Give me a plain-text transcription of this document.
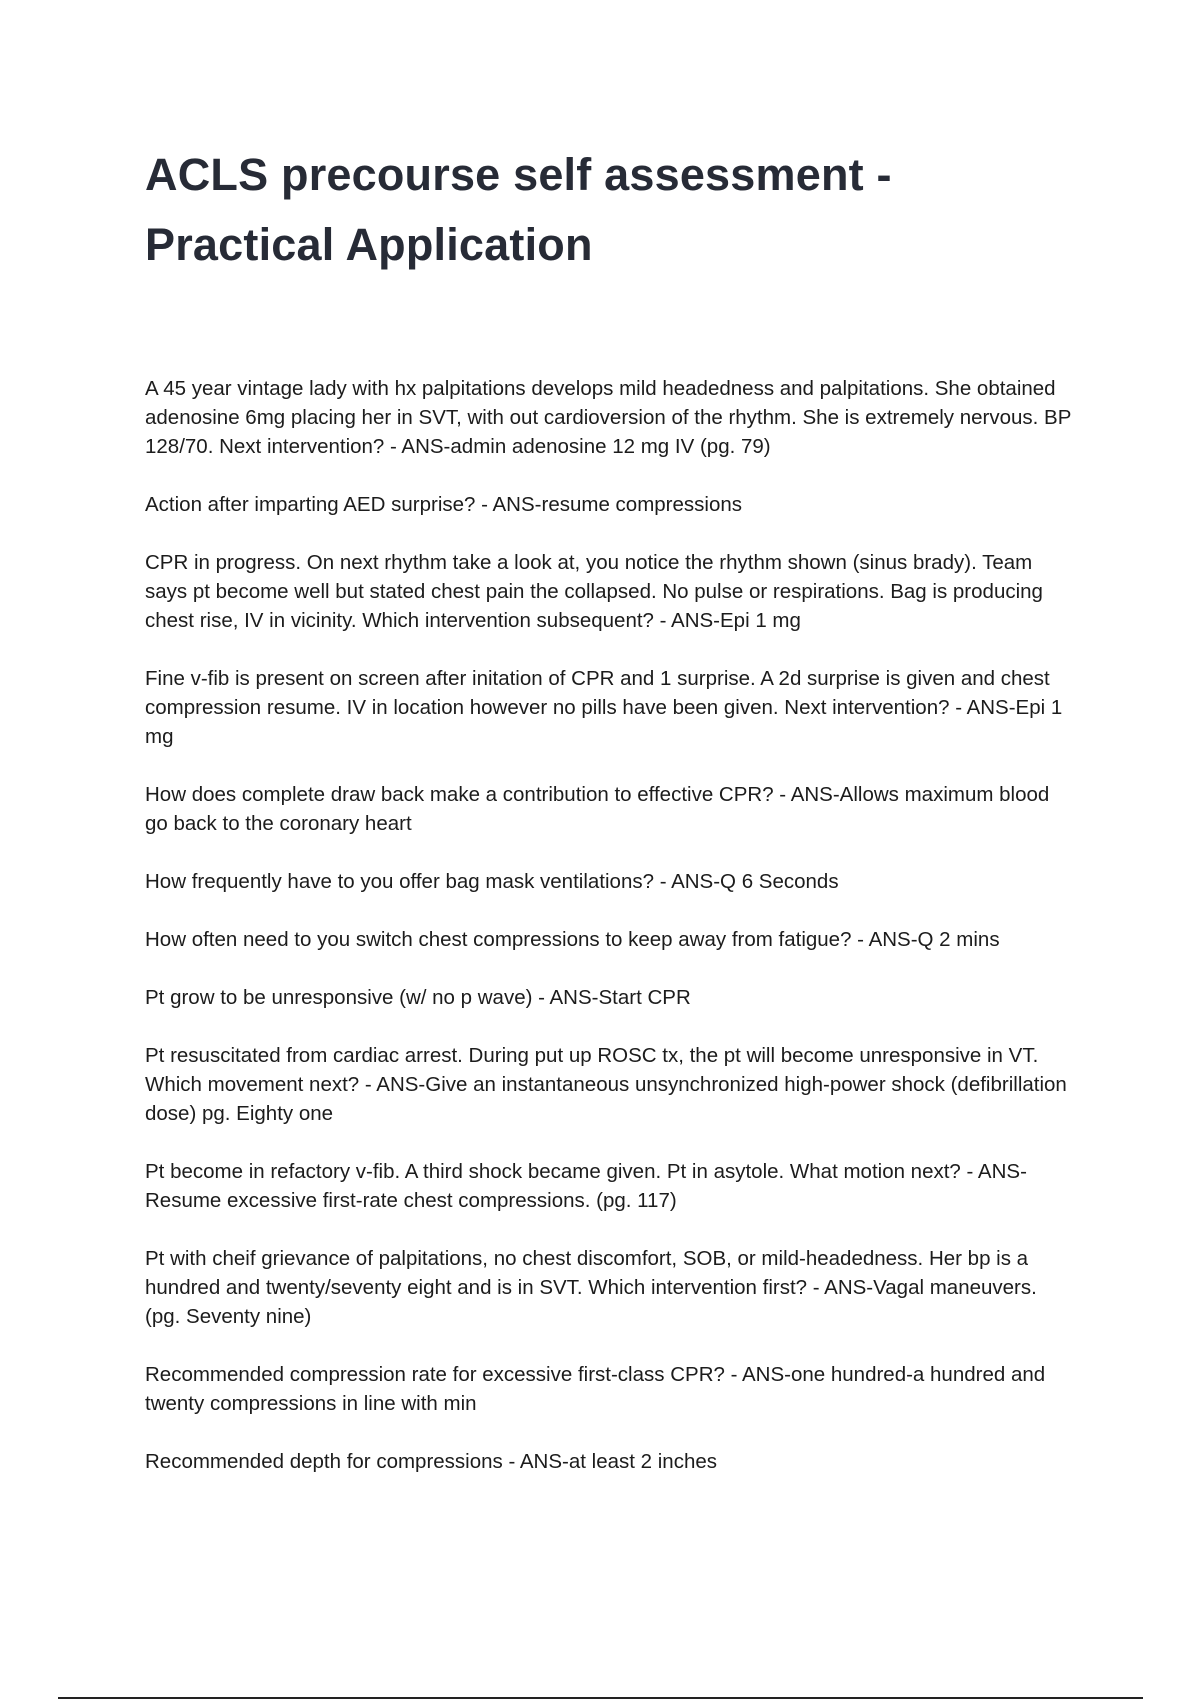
ACLS precourse self assessment -
Practical Application
A 45 year vintage lady with hx palpitations develops mild headedness and palpitations. She obtained adenosine 6mg placing her in SVT, with out cardioversion of the rhythm. She is extremely nervous. BP 128/70. Next intervention? - ANS-admin adenosine 12 mg IV (pg. 79)
Action after imparting AED surprise? - ANS-resume compressions
CPR in progress. On next rhythm take a look at, you notice the rhythm shown (sinus brady). Team says pt become well but stated chest pain the collapsed. No pulse or respirations. Bag is producing chest rise, IV in vicinity. Which intervention subsequent? - ANS-Epi 1 mg
Fine v-fib is present on screen after initation of CPR and 1 surprise. A 2d surprise is given and chest compression resume. IV in location however no pills have been given. Next intervention? - ANS-Epi 1 mg
How does complete draw back make a contribution to effective CPR? - ANS-Allows maximum blood go back to the coronary heart
How frequently have to you offer bag mask ventilations? - ANS-Q 6 Seconds
How often need to you switch chest compressions to keep away from fatigue? - ANS-Q 2 mins
Pt grow to be unresponsive (w/ no p wave) - ANS-Start CPR
Pt resuscitated from cardiac arrest. During put up ROSC tx, the pt will become unresponsive in VT. Which movement next? - ANS-Give an instantaneous unsynchronized high-power shock (defibrillation dose) pg. Eighty one
Pt become in refactory v-fib. A third shock became given. Pt in asytole. What motion next? - ANS-Resume excessive first-rate chest compressions. (pg. 117)
Pt with cheif grievance of palpitations, no chest discomfort, SOB, or mild-headedness. Her bp is a hundred and twenty/seventy eight and is in SVT. Which intervention first? - ANS-Vagal maneuvers. (pg. Seventy nine)
Recommended compression rate for excessive first-class CPR? - ANS-one hundred-a hundred and twenty compressions in line with min
Recommended depth for compressions - ANS-at least 2 inches
